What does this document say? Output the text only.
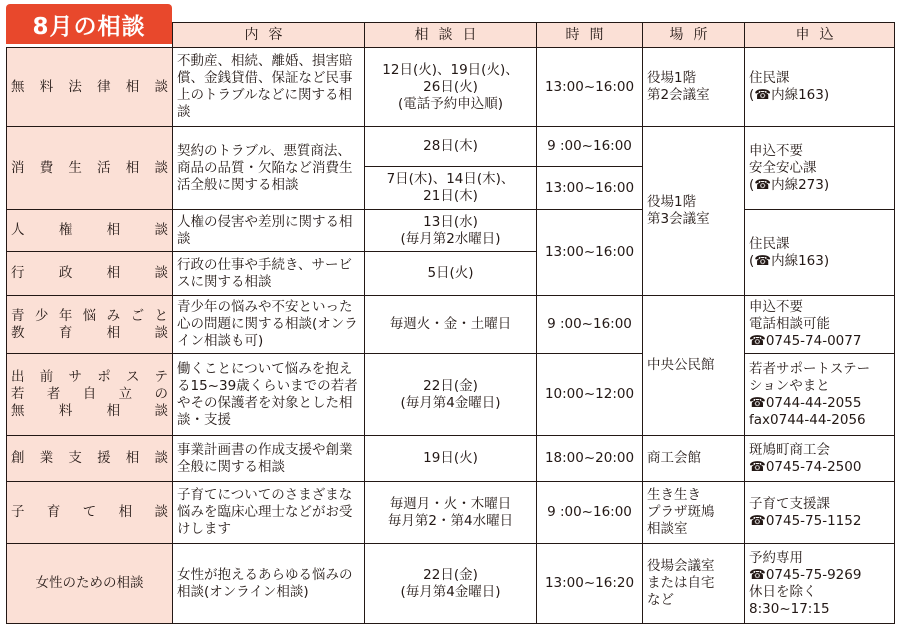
	内容	相談日	時間	場所	申込

無料法律相談	不動産、相続、離婚、損害賠償、金銭貸借、保証など民事上のトラブルなどに関する相談	12日(火)、19日(火)、
26日(火)
(電話予約申込順)	13:00~16:00	役場1階
第2会議室	住民課
(☎内線163)

消費生活相談	契約のトラブル、悪質商法、商品の品質・欠陥など消費生活全般に関する相談	28日(木)	9 :00~16:00	役場1階
第3会議室	申込不要
安全安心課
(☎内線273)

		7日(木)、14日(木)、
21日(木)	13:00~16:00		

人権相談	人権の侵害や差別に関する相談	13日(水)
(毎月第2水曜日)	13:00~16:00		住民課
(☎内線163)

行政相談	行政の仕事や手続き、サービスに関する相談	5日(火)			

青少年悩みごと
教育相談	青少年の悩みや不安といった心の問題に関する相談(オンライン相談も可)	毎週火・金・土曜日	9 :00~16:00	中央公民館	申込不要
電話相談可能
☎0745-74-0077

出前サポステ
若者自立の
無料相談	働くことについて悩みを抱える15~39歳くらいまでの若者やその保護者を対象とした相談・支援	22日(金)
(毎月第4金曜日)	10:00~12:00		若者サポートステー
ションやまと
☎0744-44-2055
fax0744-44-2056

創業支援相談	事業計画書の作成支援や創業全般に関する相談	19日(火)	18:00~20:00	商工会館	斑鳩町商工会
☎0745-74-2500

子育て相談	子育てについてのさまざまな悩みを臨床心理士などがお受けします	毎週月・火・木曜日
毎月第2・第4水曜日	9 :00~16:00	生き生き
プラザ斑鳩
相談室	子育て支援課
☎0745-75-1152

女性のための相談	女性が抱えるあらゆる悩みの相談(オンライン相談)	22日(金)
(毎月第4金曜日)	13:00~16:20	役場会議室
または自宅
など	予約専用
☎0745-75-9269
休日を除く
8:30~17:15
8月の相談
